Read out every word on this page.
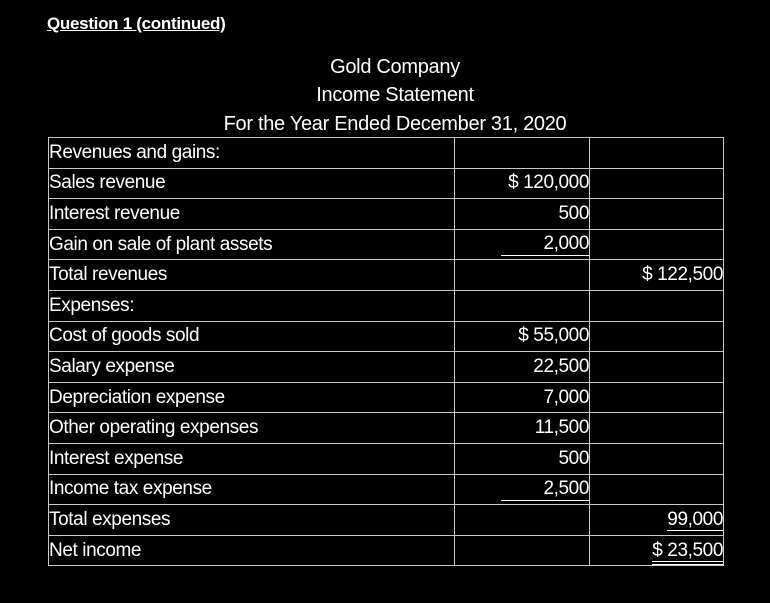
Question 1 (continued)
Gold Company
Income Statement
For the Year Ended December 31, 2020
Revenues and gains:		
Sales revenue	$ 120,000	
Interest revenue	500	
Gain on sale of plant assets	2,000	
Total revenues		$ 122,500
Expenses:		
Cost of goods sold	$ 55,000	
Salary expense	22,500	
Depreciation expense	7,000	
Other operating expenses	11,500	
Interest expense	500	
Income tax expense	2,500	
Total expenses		99,000
Net income		$ 23,500
